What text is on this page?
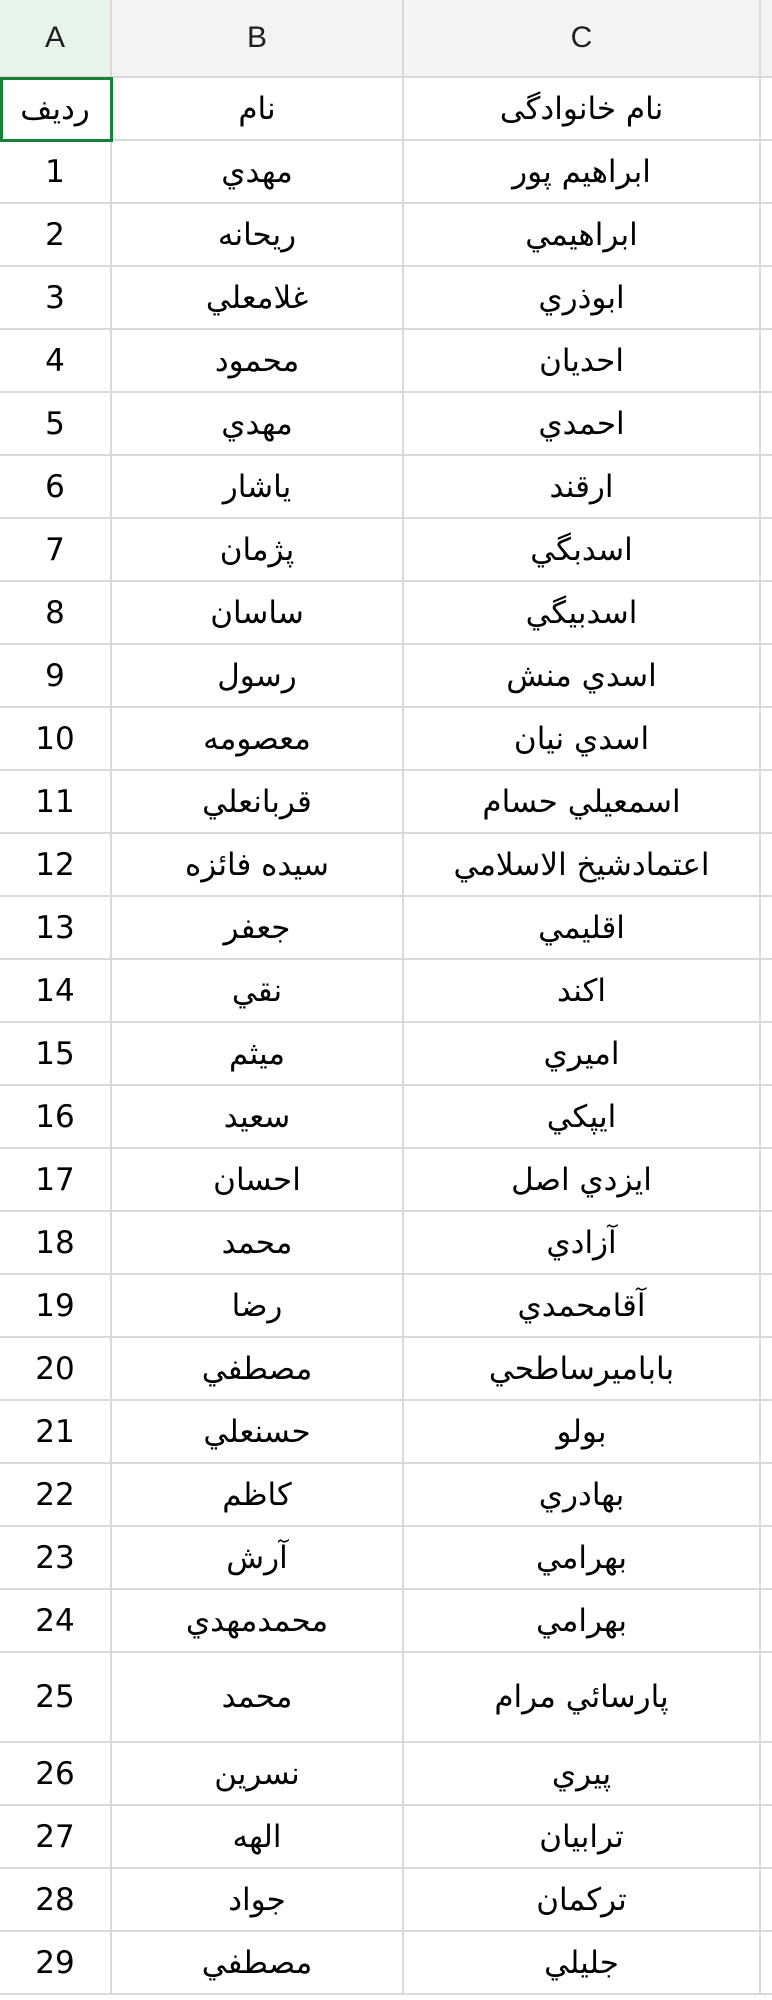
A	B	C
ردیف	نام	نام خانوادگی
1	مهدي	ابراهيم پور
2	ريحانه	ابراهيمي
3	غلامعلي	ابوذري
4	محمود	احديان
5	مهدي	احمدي
6	ياشار	ارقند
7	پژمان	اسدبگي
8	ساسان	اسدبيگي
9	رسول	اسدي منش
10	معصومه	اسدي نيان
11	قربانعلي	اسمعيلي حسام
12	سيده فائزه	اعتمادشيخ الاسلامي
13	جعفر	اقليمي
14	نقي	اكند
15	ميثم	اميري
16	سعيد	ايپكي
17	احسان	ايزدي اصل
18	محمد	آزادي
19	رضا	آقامحمدي
20	مصطفي	باباميرساطحي
21	حسنعلي	بولو
22	كاظم	بهادري
23	آرش	بهرامي
24	محمدمهدي	بهرامي
25	محمد	پارسائي مرام
26	نسرين	پيري
27	الهه	ترابيان
28	جواد	تركمان
29	مصطفي	جليلي
